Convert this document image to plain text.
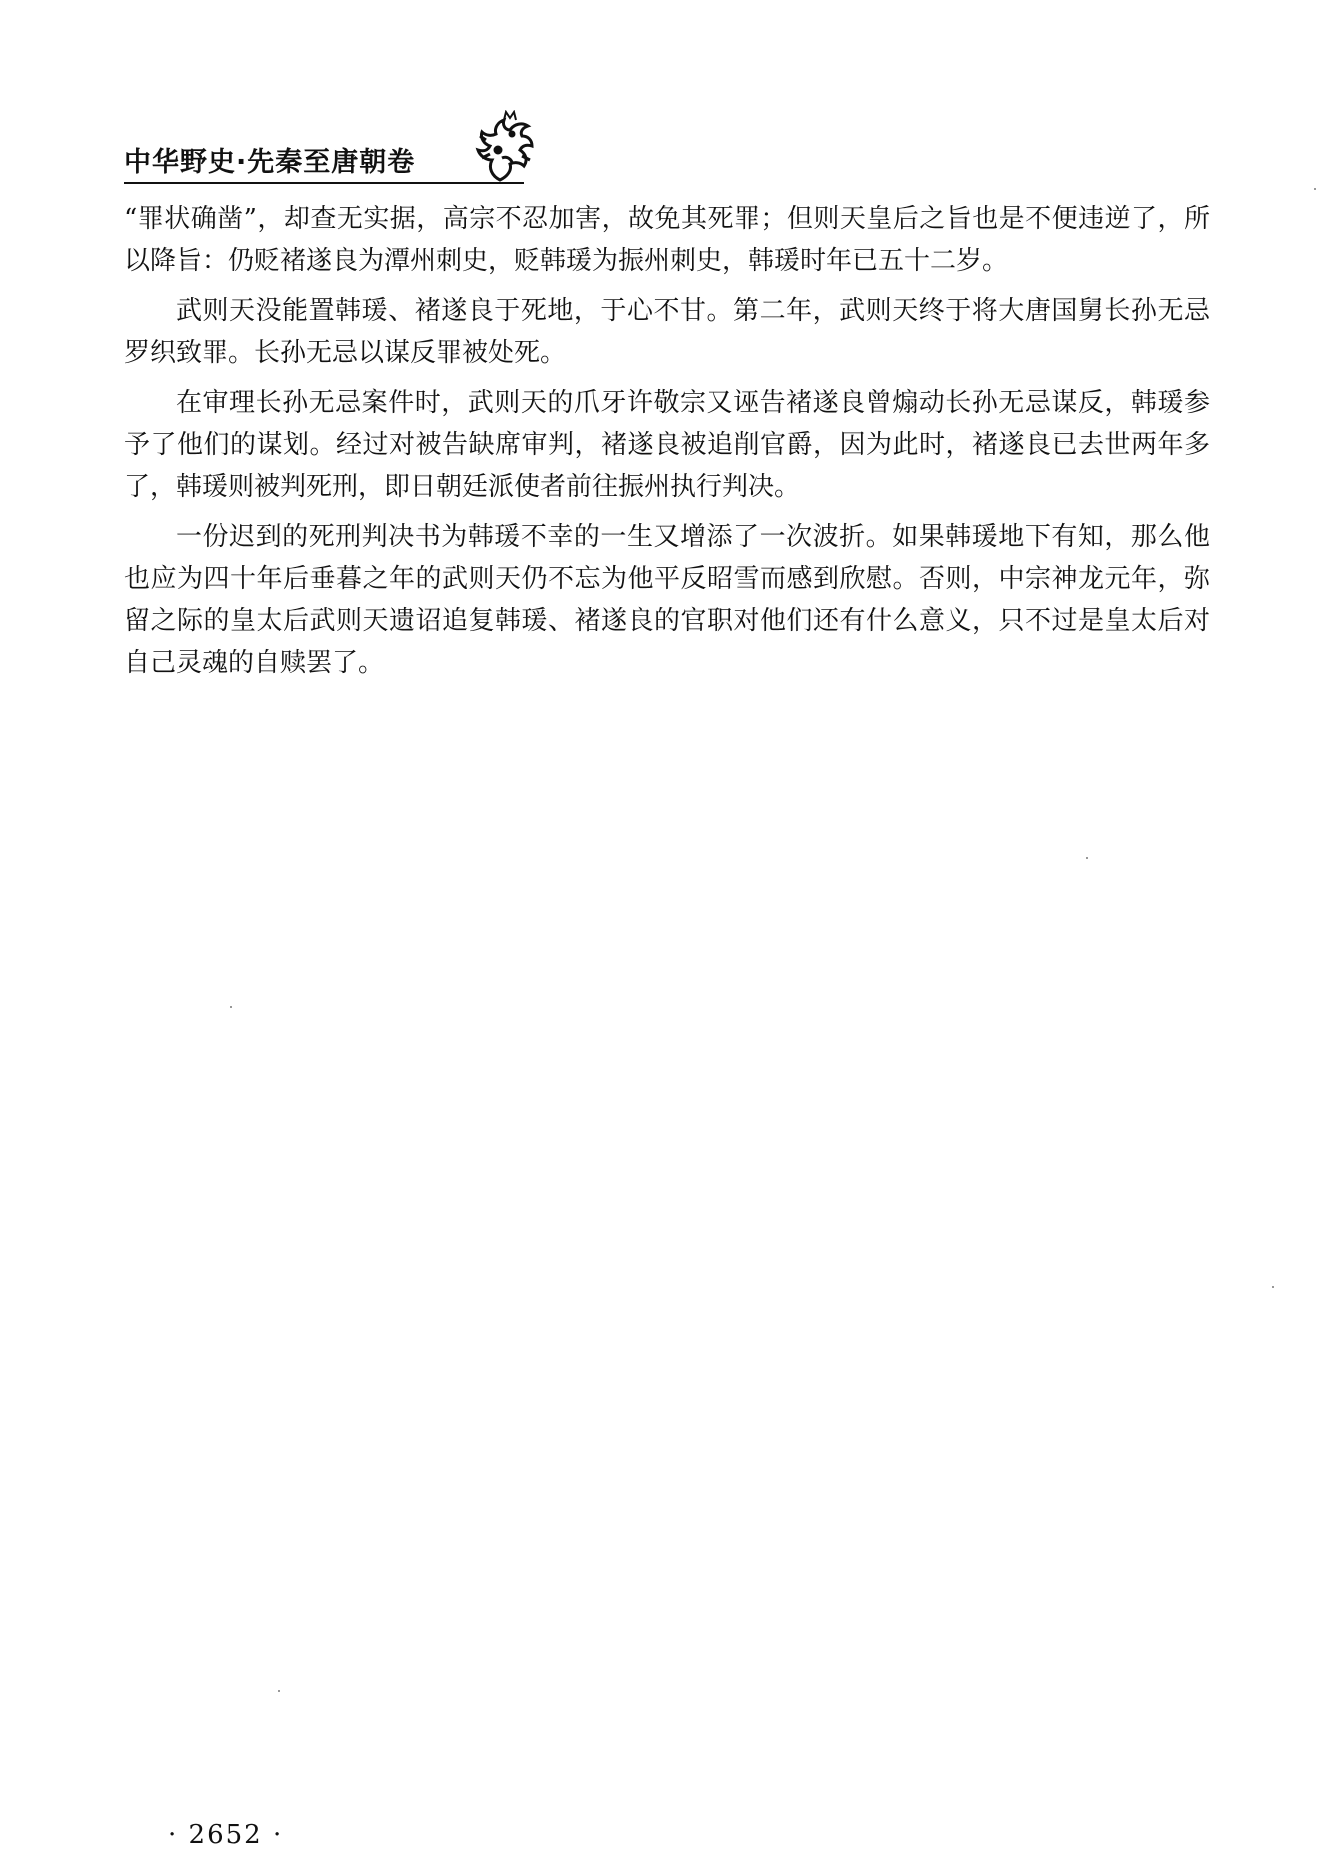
中华野史·先秦至唐朝卷

“罪状确凿”，却查无实据，高宗不忍加害，故免其死罪；但则天皇后之旨也是不便违逆了，所以降旨：仍贬褚遂良为潭州刺史，贬韩瑗为振州刺史，韩瑗时年已五十二岁。

武则天没能置韩瑗、褚遂良于死地，于心不甘。第二年，武则天终于将大唐国舅长孙无忌罗织致罪。长孙无忌以谋反罪被处死。

在审理长孙无忌案件时，武则天的爪牙许敬宗又诬告褚遂良曾煽动长孙无忌谋反，韩瑗参予了他们的谋划。经过对被告缺席审判，褚遂良被追削官爵，因为此时，褚遂良已去世两年多了，韩瑗则被判死刑，即日朝廷派使者前往振州执行判决。

一份迟到的死刑判决书为韩瑗不幸的一生又增添了一次波折。如果韩瑗地下有知，那么他也应为四十年后垂暮之年的武则天仍不忘为他平反昭雪而感到欣慰。否则，中宗神龙元年，弥留之际的皇太后武则天遗诏追复韩瑗、褚遂良的官职对他们还有什么意义，只不过是皇太后对自己灵魂的自赎罢了。

· 2652 ·
